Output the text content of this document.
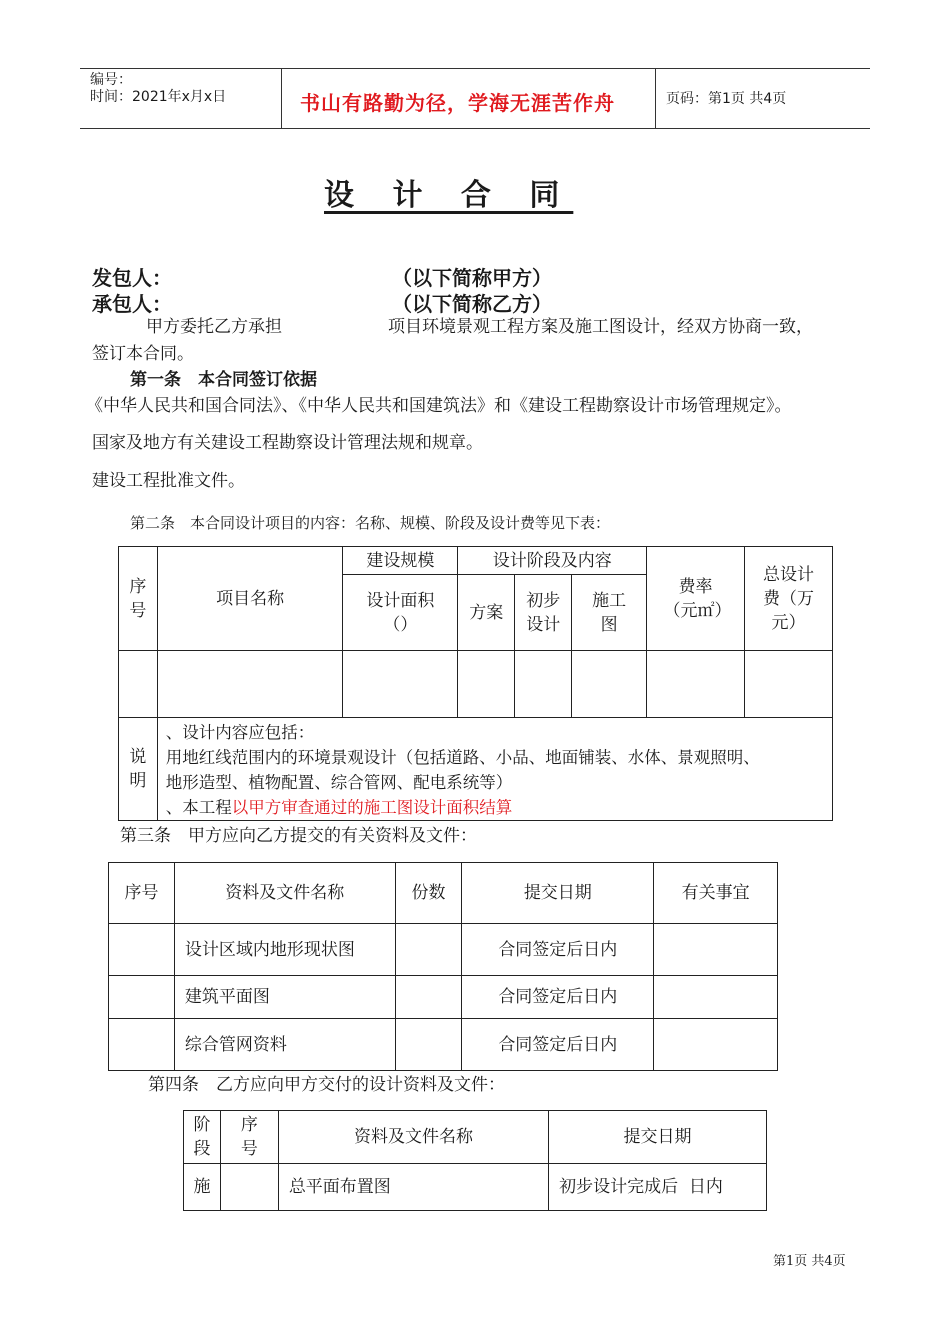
编号：
时间：2021年x月x日	书山有路勤为径，学海无涯苦作舟	页码：第1页 共4页
设 计 合 同
发包人：	（以下简称甲方）
承包人：	（以下简称乙方）
甲方委托乙方承担	项目环境景观工程方案及施工图设计，经双方协商一致，
签订本合同。
第一条　本合同签订依据
《中华人民共和国合同法》、《中华人民共和国建筑法》和《建设工程勘察设计市场管理规定》。
国家及地方有关建设工程勘察设计管理法规和规章。
建设工程批准文件。
第二条　本合同设计项目的内容：名称、规模、阶段及设计费等见下表：
序号	项目名称	建设规模	设计阶段及内容			费率（元㎡）	总设计费（万元）
		设计面积（）	方案	初步设计	施工图		

说明	、设计内容应包括：
用地红线范围内的环境景观设计（包括道路、小品、地面铺装、水体、景观照明、
地形造型、植物配置、综合管网、配电系统等）
、本工程以甲方审查通过的施工图设计面积结算						
第三条　甲方应向乙方提交的有关资料及文件：
序号	资料及文件名称	份数	提交日期	有关事宜
	设计区域内地形现状图		合同签定后日内	
	建筑平面图		合同签定后日内	
	综合管网资料		合同签定后日内	
第四条　乙方应向甲方交付的设计资料及文件：
阶段	序号	资料及文件名称	提交日期
施		总平面布置图	初步设计完成后  日内
第1页 共4页
